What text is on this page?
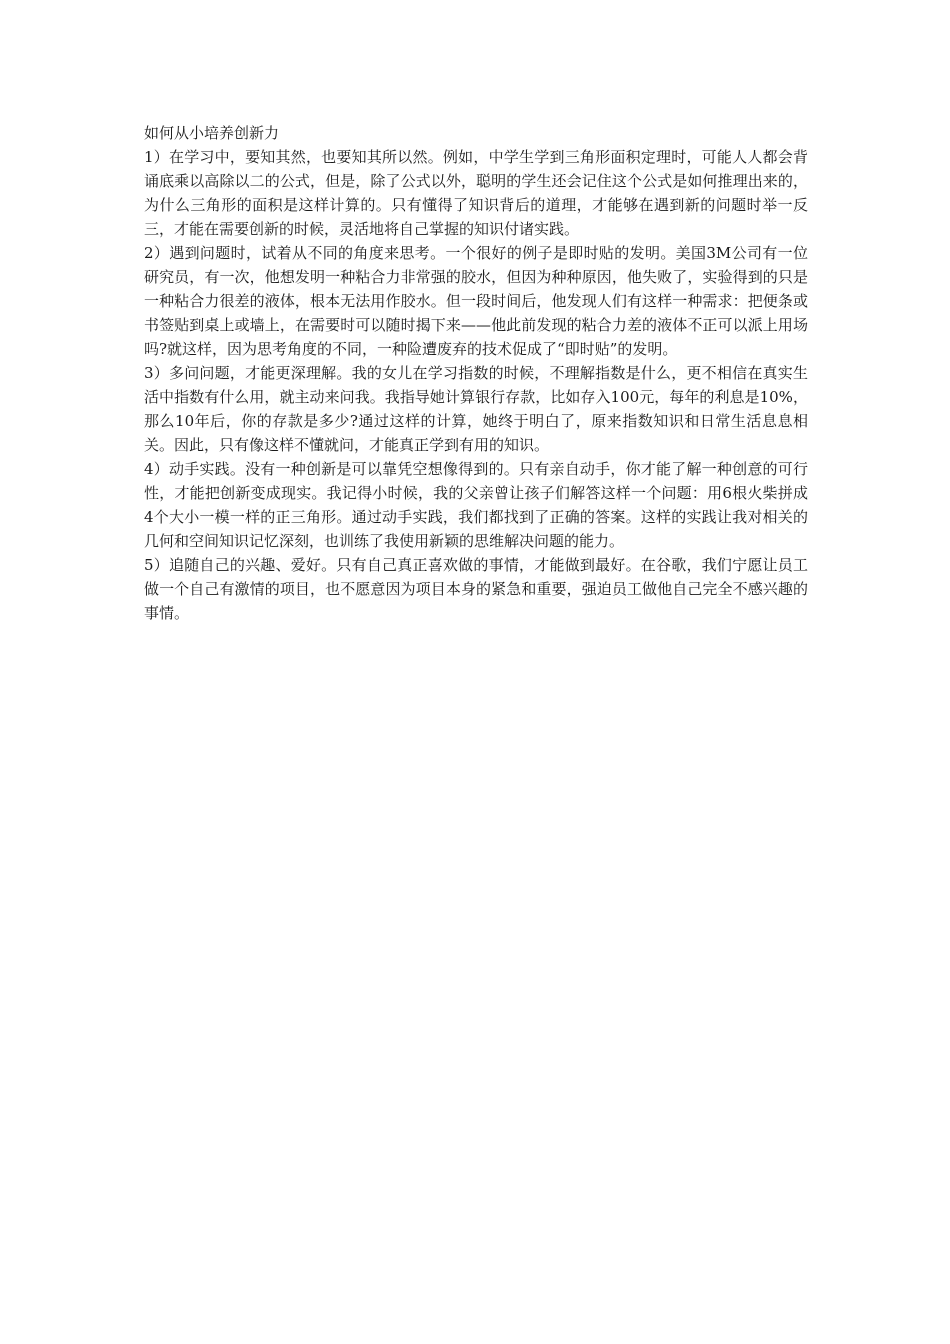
如何从小培养创新力

1）在学习中，要知其然，也要知其所以然。例如，中学生学到三角形面积定理时，可能人人都会背诵底乘以高除以二的公式，但是，除了公式以外，聪明的学生还会记住这个公式是如何推理出来的，为什么三角形的面积是这样计算的。只有懂得了知识背后的道理，才能够在遇到新的问题时举一反三，才能在需要创新的时候，灵活地将自己掌握的知识付诸实践。

2）遇到问题时，试着从不同的角度来思考。一个很好的例子是即时贴的发明。美国3M公司有一位研究员，有一次，他想发明一种粘合力非常强的胶水，但因为种种原因，他失败了，实验得到的只是一种粘合力很差的液体，根本无法用作胶水。但一段时间后，他发现人们有这样一种需求：把便条或书签贴到桌上或墙上，在需要时可以随时揭下来——他此前发现的粘合力差的液体不正可以派上用场吗?就这样，因为思考角度的不同，一种险遭废弃的技术促成了“即时贴”的发明。

3）多问问题，才能更深理解。我的女儿在学习指数的时候，不理解指数是什么，更不相信在真实生活中指数有什么用，就主动来问我。我指导她计算银行存款，比如存入100元，每年的利息是10%，那么10年后，你的存款是多少?通过这样的计算，她终于明白了，原来指数知识和日常生活息息相关。因此，只有像这样不懂就问，才能真正学到有用的知识。

4）动手实践。没有一种创新是可以靠凭空想像得到的。只有亲自动手，你才能了解一种创意的可行性，才能把创新变成现实。我记得小时候，我的父亲曾让孩子们解答这样一个问题：用6根火柴拼成4个大小一模一样的正三角形。通过动手实践，我们都找到了正确的答案。这样的实践让我对相关的几何和空间知识记忆深刻，也训练了我使用新颖的思维解决问题的能力。

5）追随自己的兴趣、爱好。只有自己真正喜欢做的事情，才能做到最好。在谷歌，我们宁愿让员工做一个自己有激情的项目，也不愿意因为项目本身的紧急和重要，强迫员工做他自己完全不感兴趣的事情。
